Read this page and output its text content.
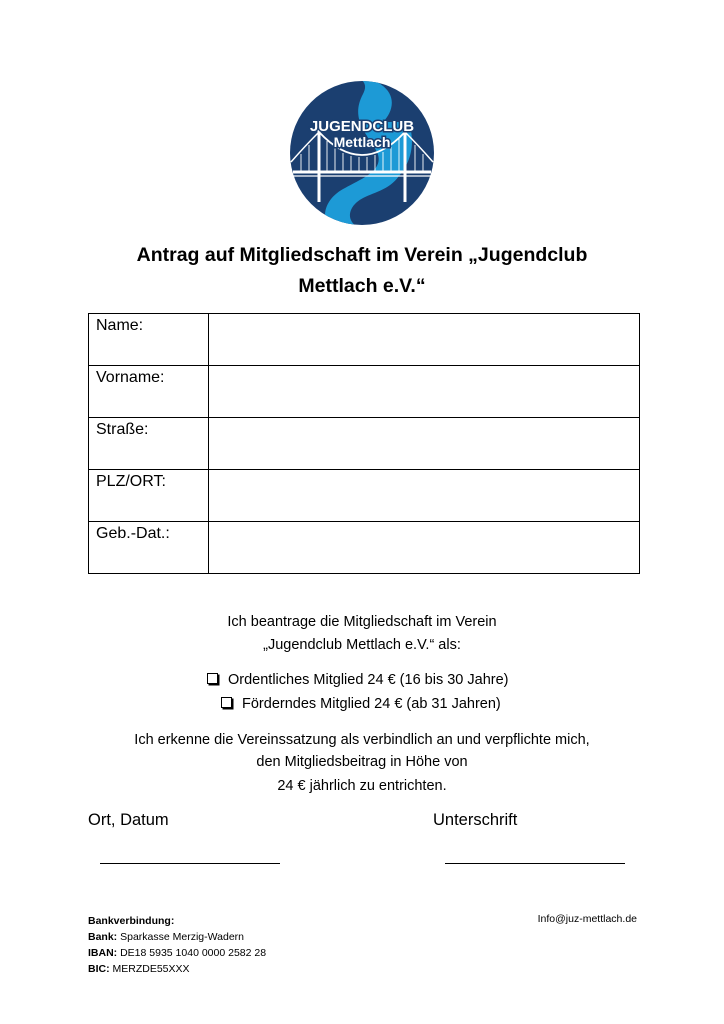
JUGENDCLUB
Mettlach
Antrag auf Mitgliedschaft im Verein „Jugendclub Mettlach e.V.“
Name:	
Vorname:	
Straße:	
PLZ/ORT:	
Geb.-Dat.:	
Ich beantrage die Mitgliedschaft im Verein
„Jugendclub Mettlach e.V.“ als:
Ordentliches Mitglied 24 € (16 bis 30 Jahre)
Förderndes Mitglied 24 € (ab 31 Jahren)
Ich erkenne die Vereinssatzung als verbindlich an und verpflichte mich,
den Mitgliedsbeitrag in Höhe von
24 € jährlich zu entrichten.
Ort, Datum	Unterschrift
Bankverbindung:
Bank: Sparkasse Merzig-Wadern
IBAN: DE18 5935 1040 0000 2582 28
BIC: MERZDE55XXX
Info@juz-mettlach.de
